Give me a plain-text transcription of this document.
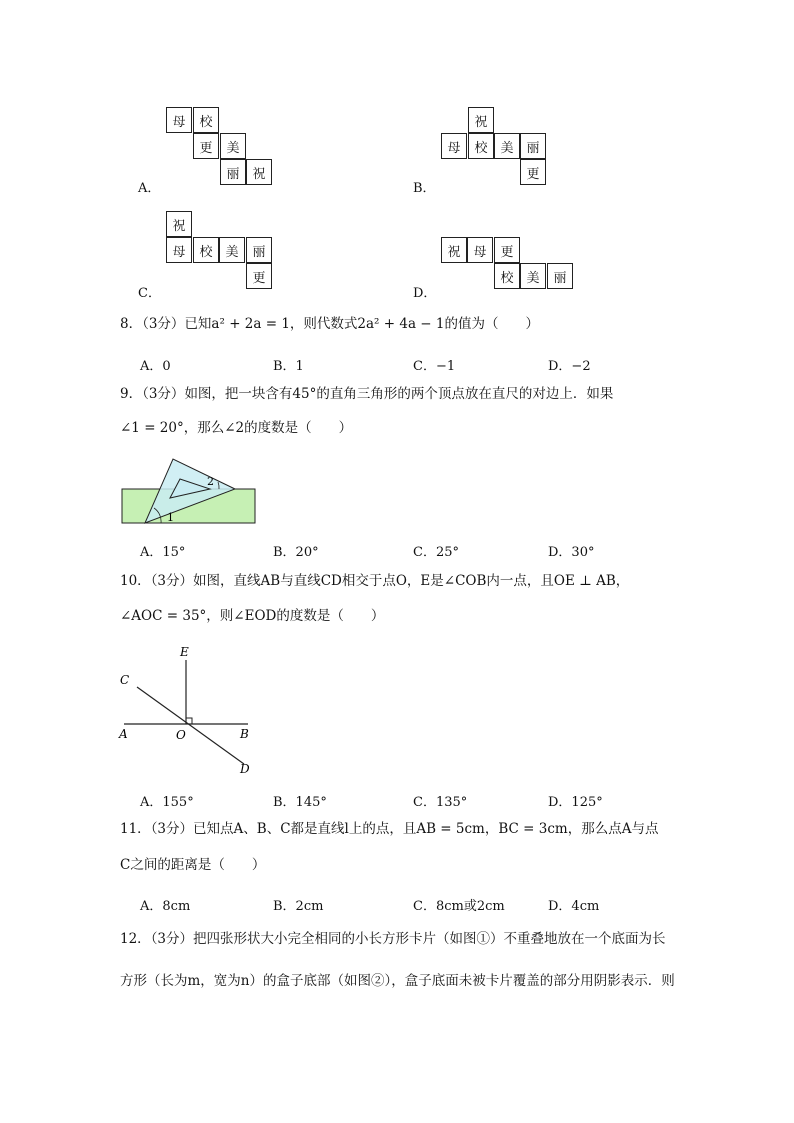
母	校
更	美
丽 祝
A．
祝
母	校 美 丽
更
B．
祝
母	校 美	丽
更
C．
祝 母	更
校 美	丽
D．
8．（3分）已知a² + 2a = 1，则代数式2a² + 4a − 1的值为（　　）
A．0	B．1	C．−1	D．−2
9．（3分）如图，把一块含有45°的直角三角形的两个顶点放在直尺的对边上．如果
∠1 = 20°，那么∠2的度数是（　　）
2
1
A．15°	B．20°	C．25°	D．30°
10．（3分）如图，直线AB与直线CD相交于点O，E是∠COB内一点，且OE ⊥ AB，
∠AOC = 35°，则∠EOD的度数是（　　）
E
C
A	O	B
D
A．155°	B．145°	C．135°	D．125°
11．（3分）已知点A、B、C都是直线l上的点，且AB = 5cm，BC = 3cm，那么点A与点
C之间的距离是（　　）
A．8cm	B．2cm	C．8cm或2cm	D．4cm
12．（3分）把四张形状大小完全相同的小长方形卡片（如图①）不重叠地放在一个底面为长
方形（长为m，宽为n）的盒子底部（如图②），盒子底面未被卡片覆盖的部分用阴影表示．则
